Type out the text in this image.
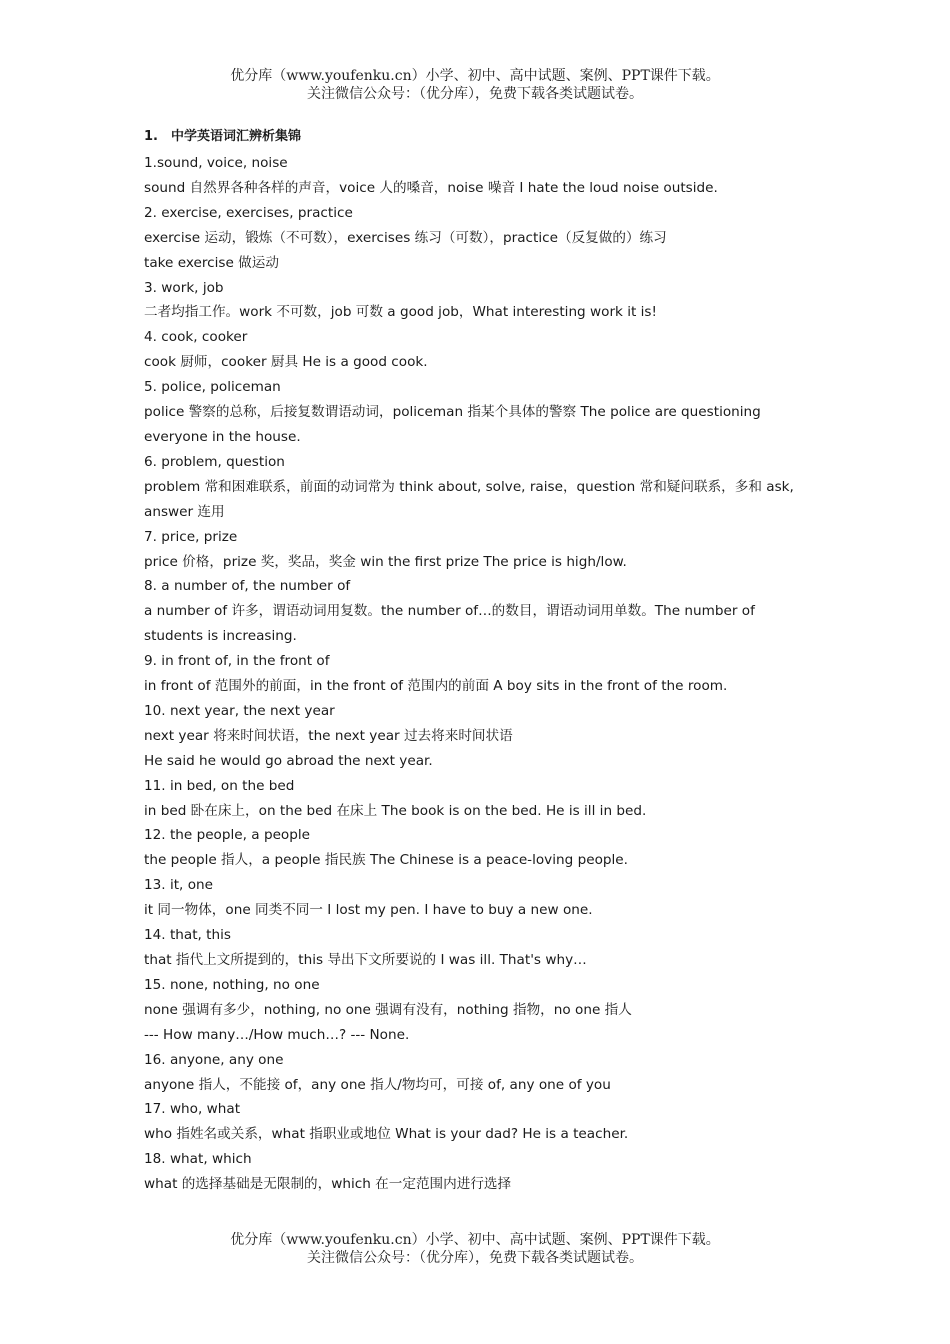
优分库（www.youfenku.cn）小学、初中、高中试题、案例、PPT课件下载。
关注微信公众号：（优分库），免费下载各类试题试卷。
1.　中学英语词汇辨析集锦
1.sound, voice, noise
sound 自然界各种各样的声音，voice 人的嗓音，noise 噪音 I hate the loud noise outside.
2. exercise, exercises, practice
exercise 运动，锻炼（不可数），exercises 练习（可数），practice（反复做的）练习
take exercise 做运动
3. work, job
二者均指工作。work 不可数，job 可数 a good job，What interesting work it is!
4. cook, cooker
cook 厨师，cooker 厨具 He is a good cook.
5. police, policeman
police 警察的总称，后接复数谓语动词，policeman 指某个具体的警察 The police are questioning everyone in the house.
6. problem, question
problem 常和困难联系，前面的动词常为 think about, solve, raise，question 常和疑问联系，多和 ask, answer 连用
7. price, prize
price 价格，prize 奖，奖品，奖金 win the first prize The price is high/low.
8. a number of, the number of
a number of 许多，谓语动词用复数。the number of…的数目，谓语动词用单数。The number of students is increasing.
9. in front of, in the front of
in front of 范围外的前面，in the front of 范围内的前面 A boy sits in the front of the room.
10. next year, the next year
next year 将来时间状语，the next year 过去将来时间状语
He said he would go abroad the next year.
11. in bed, on the bed
in bed 卧在床上，on the bed 在床上 The book is on the bed. He is ill in bed.
12. the people, a people
the people 指人，a people 指民族 The Chinese is a peace-loving people.
13. it, one
it 同一物体，one 同类不同一 I lost my pen. I have to buy a new one.
14. that, this
that 指代上文所提到的，this 导出下文所要说的 I was ill. That's why…
15. none, nothing, no one
none 强调有多少，nothing, no one 强调有没有，nothing 指物，no one 指人
--- How many…/How much…? --- None.
16. anyone, any one
anyone 指人，不能接 of，any one 指人/物均可，可接 of, any one of you
17. who, what
who 指姓名或关系，what 指职业或地位 What is your dad? He is a teacher.
18. what, which
what 的选择基础是无限制的，which 在一定范围内进行选择
优分库（www.youfenku.cn）小学、初中、高中试题、案例、PPT课件下载。
关注微信公众号：（优分库），免费下载各类试题试卷。
